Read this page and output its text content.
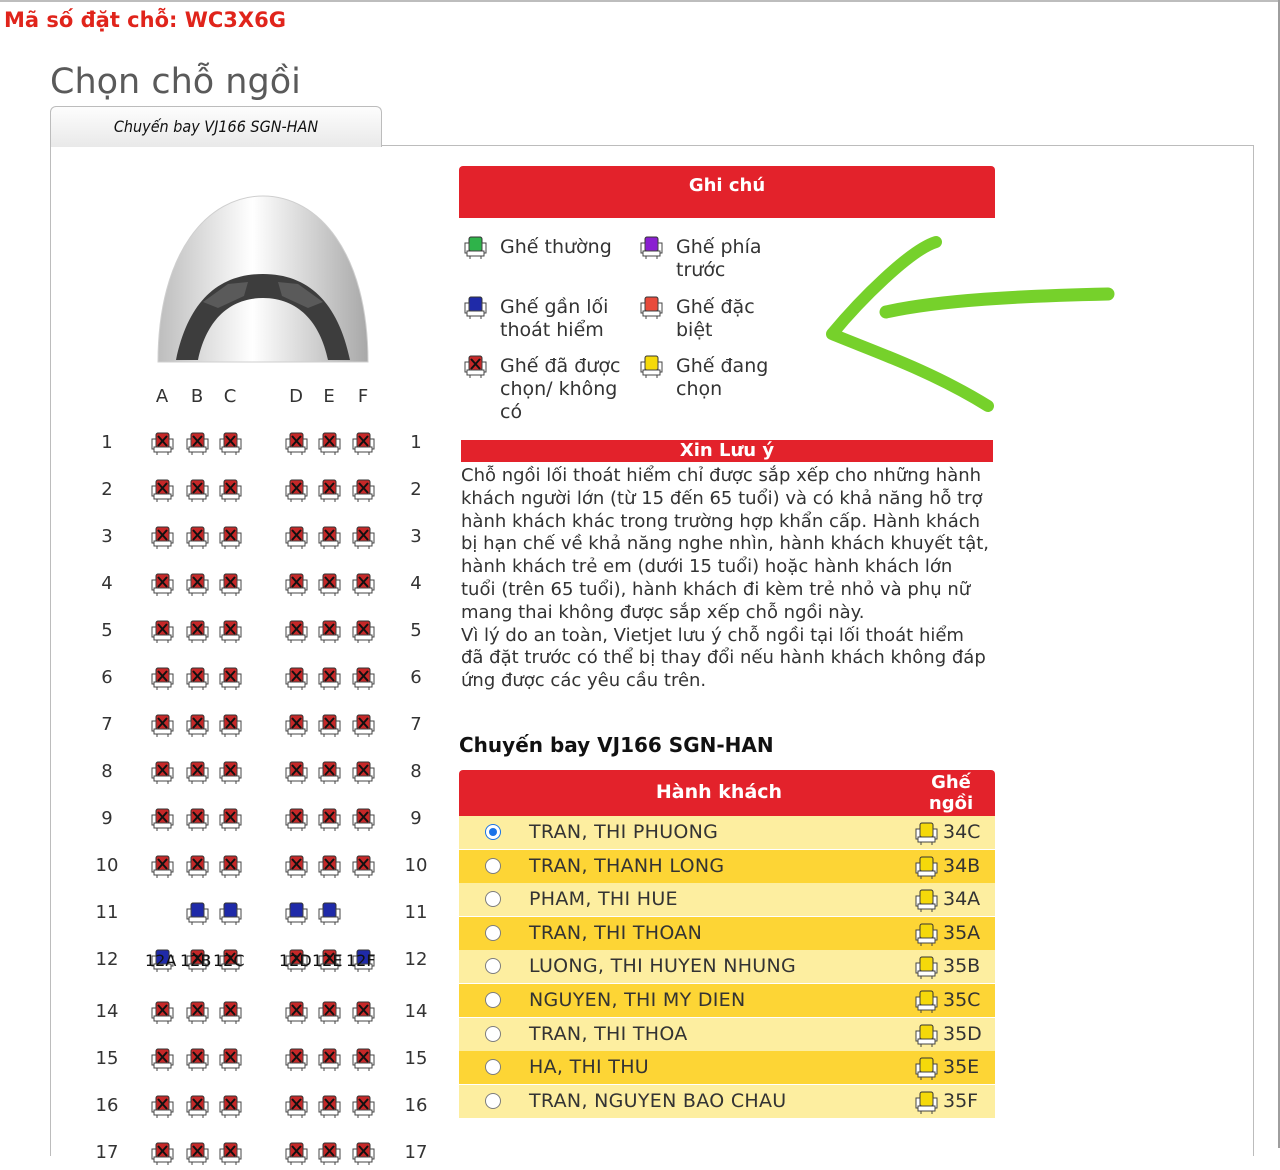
Mã số đặt chỗ: WC3X6G
Chọn chỗ ngồi
Chuyến bay VJ166 SGN-HAN
A B C	D E F
1	1
2	2
3	3
4	4
5	5
6	6
7	7
8	8
9	9
10	10
11	11
12	12
12A 12B 12C 12D 12E 12F
14	14
15	15
16	16
17	17
Ghi chú
Ghế thường	Ghế phía trước
Ghế gần lối thoát hiểm
Ghế đặc biệt
Ghế đã được chọn/ không có
Ghế đang chọn
Xin Lưu ý
Chỗ ngồi lối thoát hiểm chỉ được sắp xếp cho những hành khách người lớn (từ 15 đến 65 tuổi) và có khả năng hỗ trợ hành khách khác trong trường hợp khẩn cấp. Hành khách bị hạn chế về khả năng nghe nhìn, hành khách khuyết tật, hành khách trẻ em (dưới 15 tuổi) hoặc hành khách lớn tuổi (trên 65 tuổi), hành khách đi kèm trẻ nhỏ và phụ nữ mang thai không được sắp xếp chỗ ngồi này.
Vì lý do an toàn, Vietjet lưu ý chỗ ngồi tại lối thoát hiểm đã đặt trước có thể bị thay đổi nếu hành khách không đáp ứng được các yêu cầu trên.
Chuyến bay VJ166 SGN-HAN
Hành khách	Ghế ngồi
TRAN, THI PHUONG	34C
TRAN, THANH LONG	34B
PHAM, THI HUE	34A
TRAN, THI THOAN	35A
LUONG, THI HUYEN NHUNG	35B
NGUYEN, THI MY DIEN	35C
TRAN, THI THOA	35D
HA, THI THU	35E
TRAN, NGUYEN BAO CHAU	35F
